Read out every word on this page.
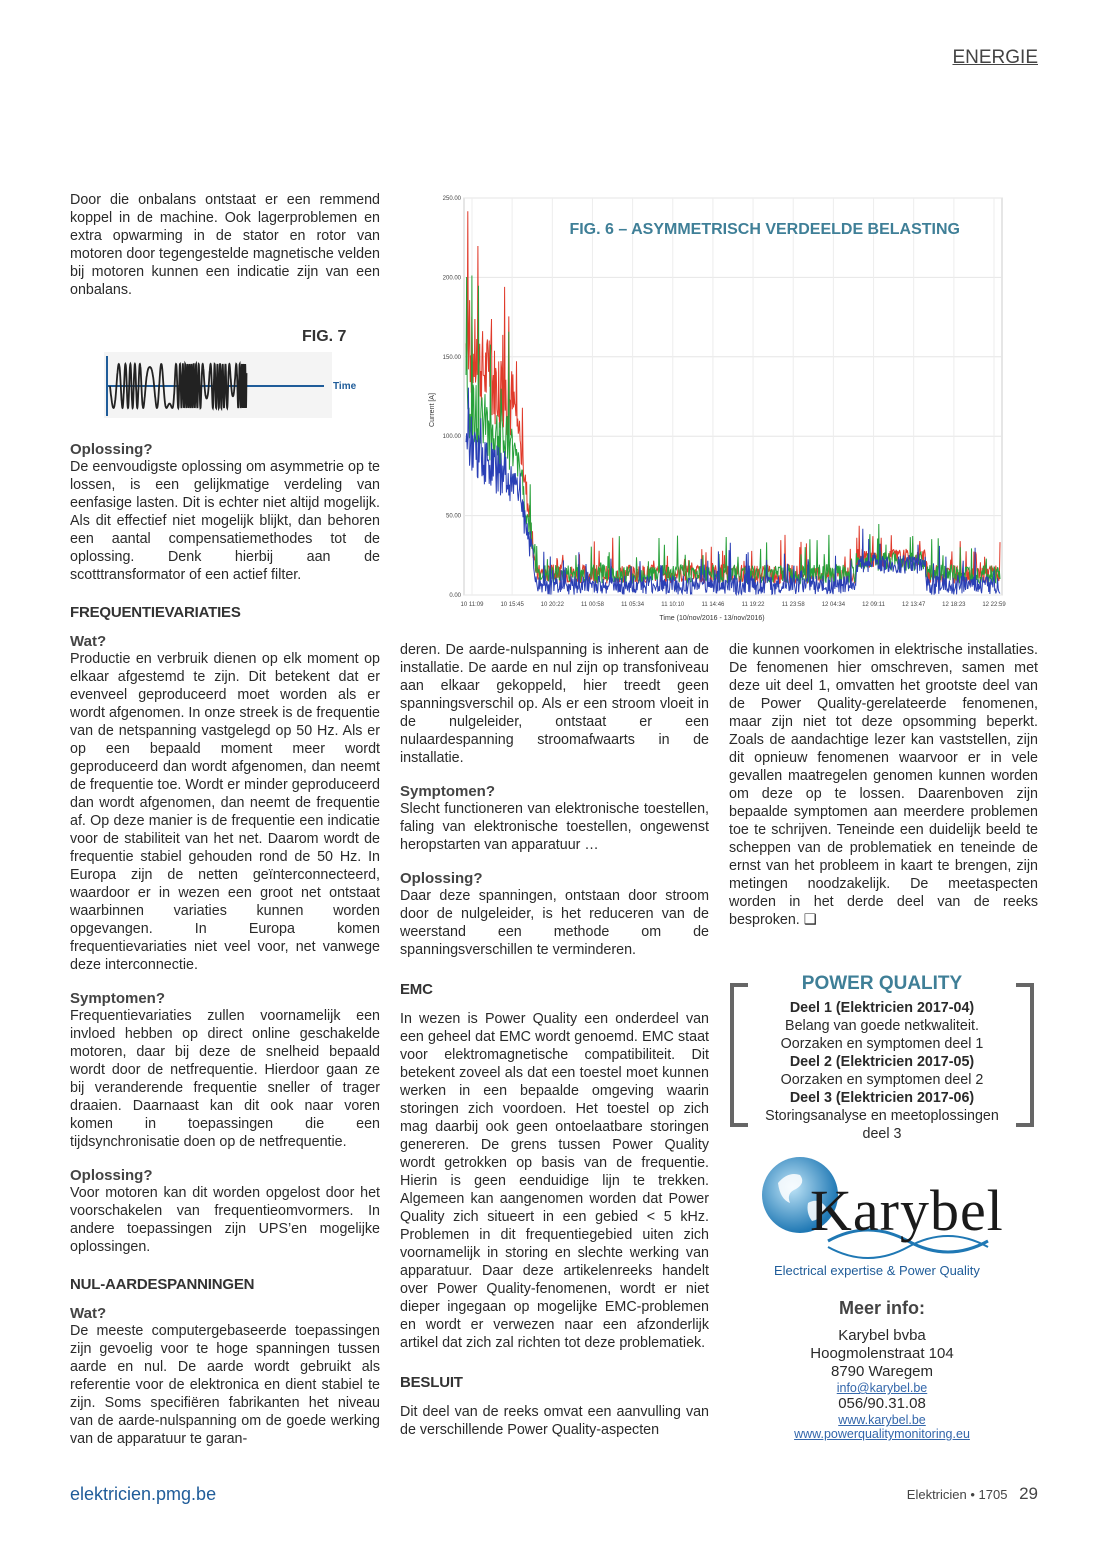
ENERGIE

Door die onbalans ontstaat er een remmend koppel in de machine. Ook lagerproblemen en extra opwarming in de stator en rotor van motoren door tegengestelde magnetische velden bij motoren kunnen een indicatie zijn van een onbalans.

FIG. 7
Time

Oplossing?

De eenvoudigste oplossing om asymmetrie op te lossen, is een gelijkmatige verdeling van eenfasige lasten. Dit is echter niet altijd mogelijk. Als dit effectief niet mogelijk blijkt, dan behoren een aantal compensatiemethodes tot de oplossing. Denk hierbij aan de scotttransformator of een actief filter.

FREQUENTIEVARIATIES

Wat?

Productie en verbruik dienen op elk moment op elkaar afgestemd te zijn. Dit betekent dat er evenveel geproduceerd moet worden als er wordt afgenomen. In onze streek is de frequentie van de netspanning vastgelegd op 50 Hz. Als er op een bepaald moment meer wordt geproduceerd dan wordt afgenomen, dan neemt de frequentie toe. Wordt er minder geproduceerd dan wordt afgenomen, dan neemt de frequentie af. Op deze manier is de frequentie een indicatie voor de stabiliteit van het net. Daarom wordt de frequentie stabiel gehouden rond de 50 Hz. In Europa zijn de netten geïnterconnecteerd, waardoor er in wezen een groot net ontstaat waarbinnen variaties kunnen worden opgevangen. In Europa komen frequentievariaties niet veel voor, net vanwege deze interconnectie.

Symptomen?

Frequentievariaties zullen voornamelijk een invloed hebben op direct online geschakelde motoren, daar bij deze de snelheid bepaald wordt door de netfrequentie. Hierdoor gaan ze bij veranderende frequentie sneller of trager draaien. Daarnaast kan dit ook naar voren komen in toepassingen die een tijdsynchronisatie doen op de netfrequentie.

Oplossing?

Voor motoren kan dit worden opgelost door het voorschakelen van frequentieomvormers. In andere toepassingen zijn UPS’en mogelijke oplossingen.

NUL-AARDESPANNINGEN

Wat?

De meeste computergebaseerde toepassingen zijn gevoelig voor te hoge spanningen tussen aarde en nul. De aarde wordt gebruikt als referentie voor de elektronica en dient stabiel te zijn. Soms specifiëren fabrikanten het niveau van de aarde-nulspanning om de goede werking van de apparatuur te garan-

0.00
50.00
100.00
150.00
200.00
250.00
10 11:09	10 15:45	10 20:22	11 00:58	11 05:34	11 10:10	11 14:46	11 19:22	11 23:58	12 04:34	12 09:11	12 13:47	12 18:23	12 22:59
Current [A]
Time (10/nov/2016 - 13/nov/2016)
FIG. 6 – ASYMMETRISCH VERDEELDE BELASTING

deren. De aarde-nulspanning is inherent aan de installatie. De aarde en nul zijn op transfoniveau aan elkaar gekoppeld, hier treedt geen spanningsverschil op. Als er een stroom vloeit in de nulgeleider, ontstaat er een nulaardespanning stroomafwaarts in de installatie.

Symptomen?

Slecht functioneren van elektronische toestellen, faling van elektronische toestellen, ongewenst heropstarten van apparatuur …

Oplossing?

Daar deze spanningen, ontstaan door stroom door de nulgeleider, is het reduceren van de weerstand een methode om de spanningsverschillen te verminderen.

EMC

In wezen is Power Quality een onderdeel van een geheel dat EMC wordt genoemd. EMC staat voor elektromagnetische compatibiliteit. Dit betekent zoveel als dat een toestel moet kunnen werken in een bepaalde omgeving waarin storingen zich voordoen. Het toestel op zich mag daarbij ook geen ontoelaatbare storingen genereren. De grens tussen Power Quality wordt getrokken op basis van de frequentie. Hierin is geen eenduidige lijn te trekken. Algemeen kan aangenomen worden dat Power Quality zich situeert in een gebied < 5 kHz. Problemen in dit frequentiegebied uiten zich voornamelijk in storing en slechte werking van apparatuur. Daar deze artikelenreeks handelt over Power Quality-fenomenen, wordt er niet dieper ingegaan op mogelijke EMC-problemen en wordt er verwezen naar een afzonderlijk artikel dat zich zal richten tot deze problematiek.

BESLUIT

Dit deel van de reeks omvat een aanvulling van de verschillende Power Quality-aspecten

die kunnen voorkomen in elektrische installaties. De fenomenen hier omschreven, samen met deze uit deel 1, omvatten het grootste deel van de Power Quality-gerelateerde fenomenen, maar zijn niet tot deze opsomming beperkt. Zoals de aandachtige lezer kan vaststellen, zijn dit opnieuw fenomenen waarvoor er in vele gevallen maatregelen genomen kunnen worden om deze op te lossen. Daarenboven zijn bepaalde symptomen aan meerdere problemen toe te schrijven. Teneinde een duidelijk beeld te scheppen van de problematiek en teneinde de ernst van het probleem in kaart te brengen, zijn metingen noodzakelijk. De meetaspecten worden in het derde deel van de reeks besproken. ❑

POWER QUALITY
Deel 1 (Elektricien 2017-04)
Belang van goede netkwaliteit.
Oorzaken en symptomen deel 1
Deel 2 (Elektricien 2017-05)
Oorzaken en symptomen deel 2
Deel 3 (Elektricien 2017-06)
Storingsanalyse en meetoplossingen
deel 3
Karybel
Electrical expertise & Power Quality
Meer info:
Karybel bvba
Hoogmolenstraat 104
8790 Waregem
info@karybel.be
056/90.31.08
www.karybel.be
www.powerqualitymonitoring.eu
elektricien.pmg.be	Elektricien • 1705 29
